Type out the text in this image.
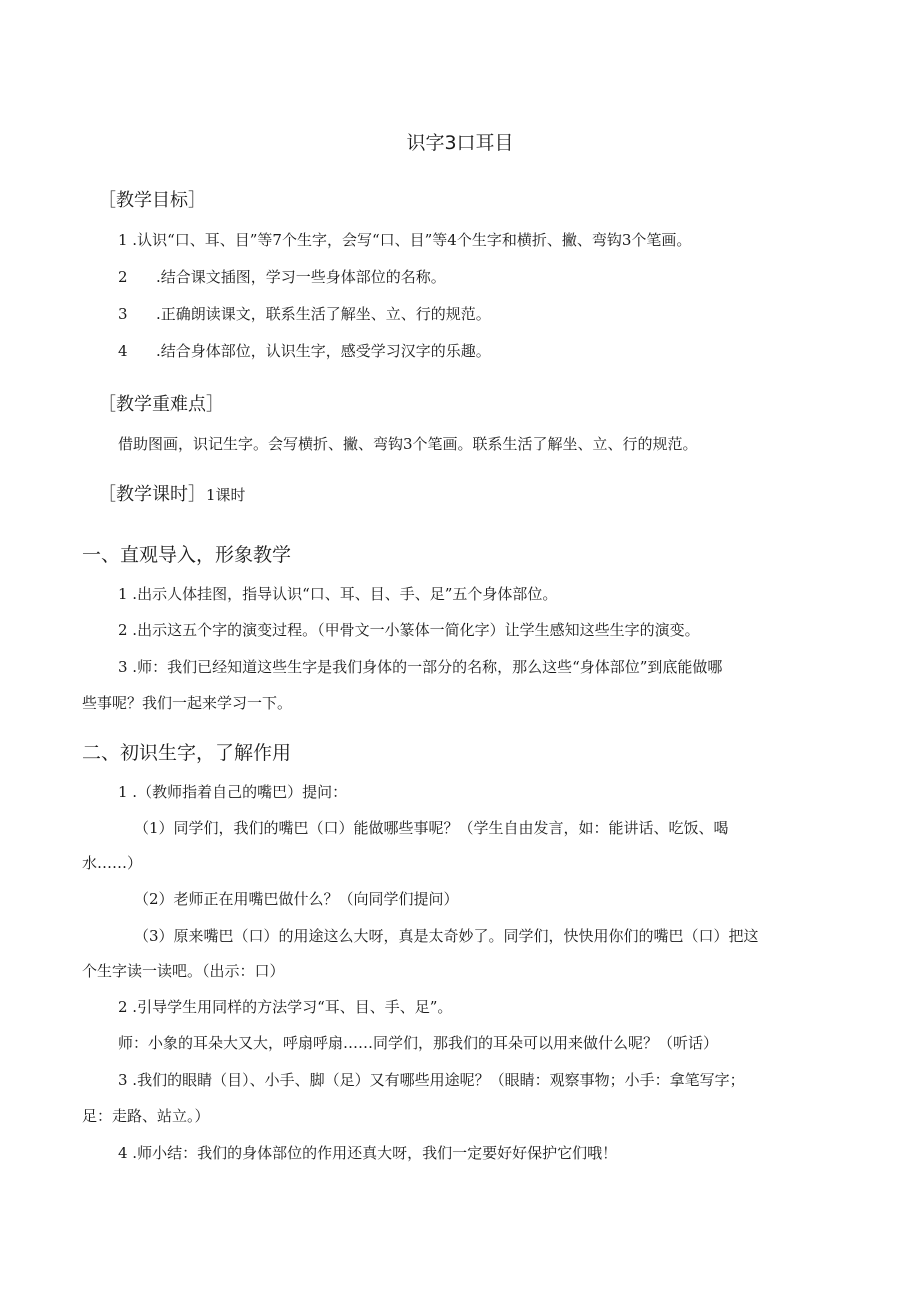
识字3口耳目
［教学目标］
1 .认识“口、耳、目”等7个生字，会写“口、目”等4个生字和横折、撇、弯钩3个笔画。
2 .结合课文插图，学习一些身体部位的名称。
3 .正确朗读课文，联系生活了解坐、立、行的规范。
4 .结合身体部位，认识生字，感受学习汉字的乐趣。
［教学重难点］
借助图画，识记生字。会写横折、撇、弯钩3个笔画。联系生活了解坐、立、行的规范。
［教学课时］1课时
一、直观导入，形象教学
1 .出示人体挂图，指导认识“口、耳、目、手、足”五个身体部位。
2 .出示这五个字的演变过程。（甲骨文一小篆体一简化字）让学生感知这些生字的演变。
3 .师：我们已经知道这些生字是我们身体的一部分的名称，那么这些“身体部位”到底能做哪
些事呢？我们一起来学习一下。
二、初识生字，了解作用
1 .（教师指着自己的嘴巴）提问：
（1）同学们，我们的嘴巴（口）能做哪些事呢？（学生自由发言，如：能讲话、吃饭、喝
水……）
（2）老师正在用嘴巴做什么？（向同学们提问）
（3）原来嘴巴（口）的用途这么大呀，真是太奇妙了。同学们，快快用你们的嘴巴（口）把这
个生字读一读吧。（出示：口）
2 .引导学生用同样的方法学习“耳、目、手、足”。
师：小象的耳朵大又大，呼扇呼扇……同学们，那我们的耳朵可以用来做什么呢？（听话）
3 .我们的眼睛（目）、小手、脚（足）又有哪些用途呢？（眼睛：观察事物；小手：拿笔写字；
足：走路、站立。）
4 .师小结：我们的身体部位的作用还真大呀，我们一定要好好保护它们哦！
